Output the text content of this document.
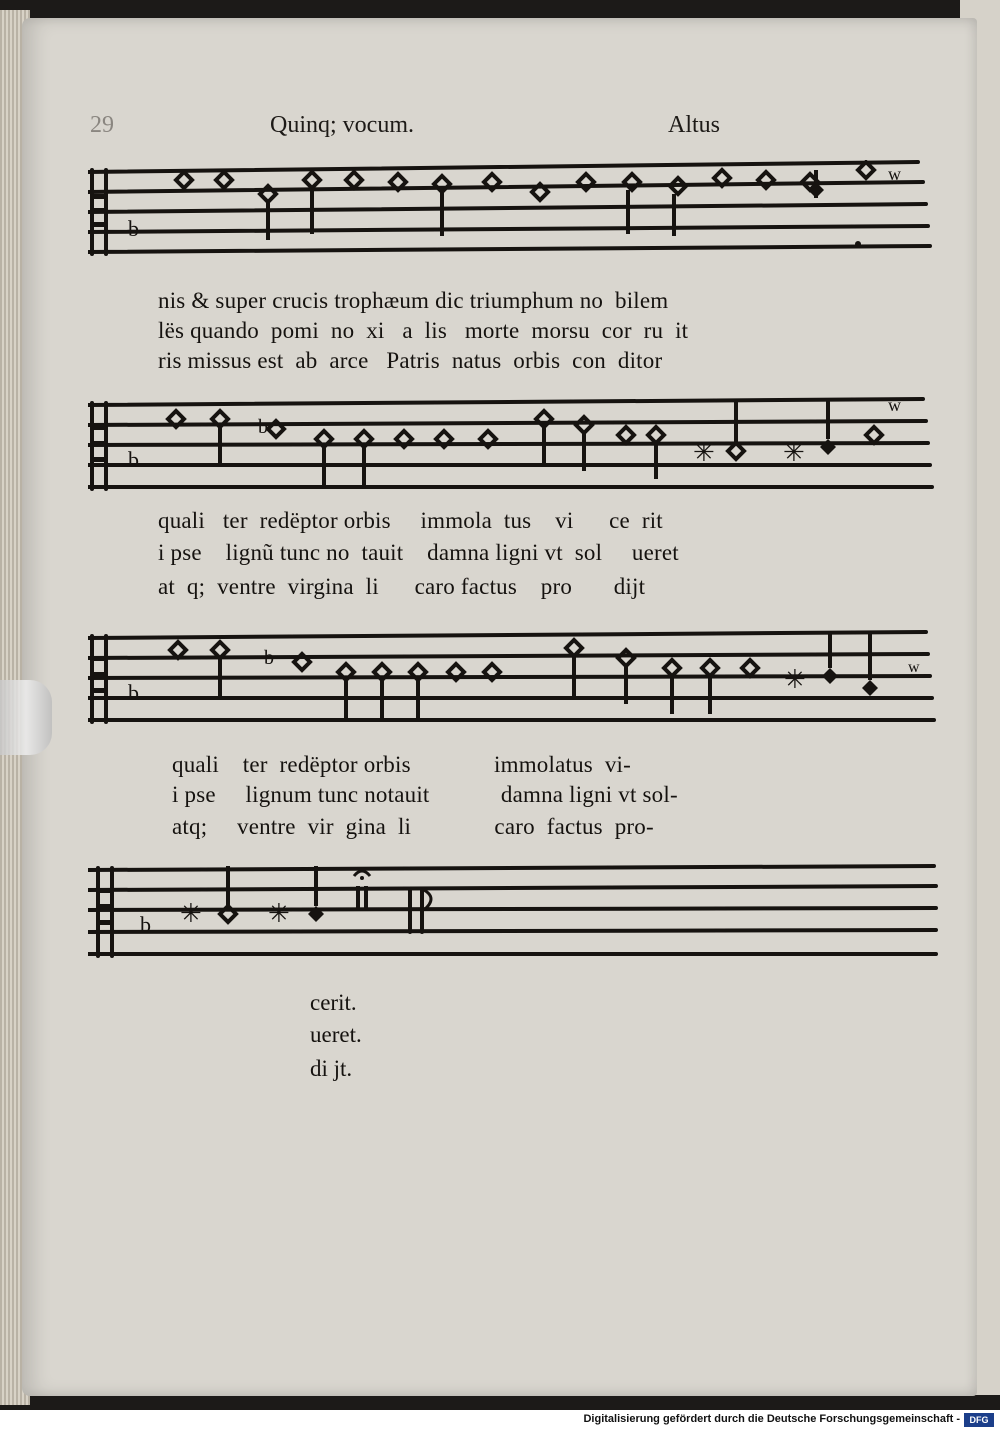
29	Quinq; vocum.	Altus
b
w
nis & super crucis trophæum dic triumphum no  bilem
lës quando  pomi  no  xi   a  lis   morte  morsu  cor  ru  it
ris missus est  ab  arce   Patris  natus  orbis  con  ditor
b
b
✳	✳
w
quali   ter  redëptor orbis     immola  tus    vi      ce  rit
i pse    lignũ tunc no  tauit    damna ligni vt  sol     ueret
at  q;  ventre  virgina  li      caro factus    pro       dijt
b
b
✳	w
quali    ter  redëptor orbis              immolatus  vi-
i pse     lignum tunc notauit            damna ligni vt sol-
atq;     ventre  vir  gina  li              caro  factus  pro-
b ✳	✳
cerit.
ueret.
di jt.
Digitalisierung gefördert durch die Deutsche Forschungsgemeinschaft -	DFG
